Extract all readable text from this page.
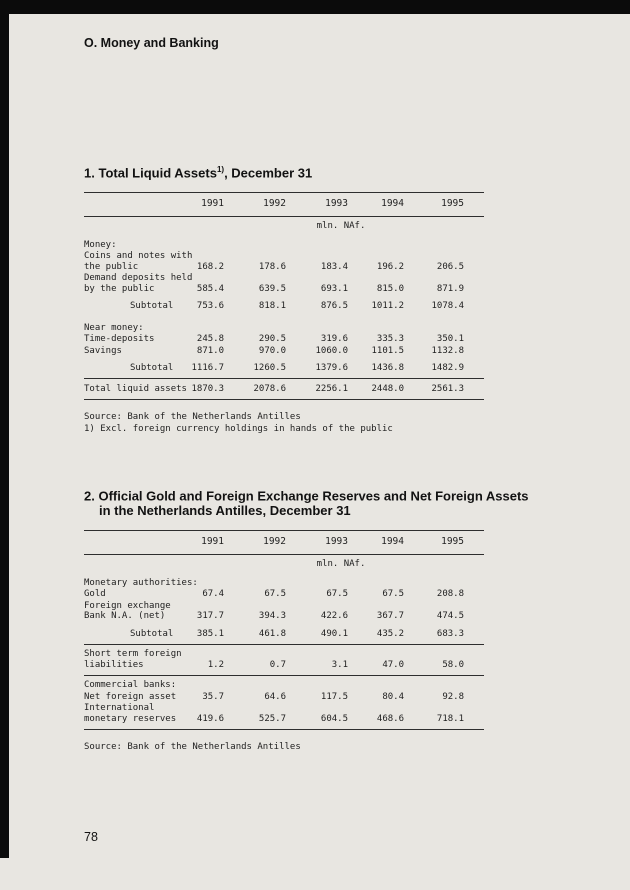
O. Money and Banking
1. Total Liquid Assets$^{1)}$, December 31
1991	1992	1993	1994	1995
mln. NAf.
Money:
Coins and notes with
the public	168.2	178.6	183.4	196.2	206.5
Demand deposits held
by the public	585.4	639.5	693.1	815.0	871.9
Subtotal	753.6	818.1	876.5	1011.2	1078.4
Near money:
Time-deposits	245.8	290.5	319.6	335.3	350.1
Savings	871.0	970.0	1060.0	1101.5	1132.8
Subtotal	1116.7	1260.5	1379.6	1436.8	1482.9
Total liquid assets 1870.3	2078.6	2256.1	2448.0	2561.3

Source: Bank of the Netherlands Antilles

1) Excl. foreign currency holdings in hands of the public

2. Official Gold and Foreign Exchange Reserves and Net Foreign Assets
in the Netherlands Antilles, December 31
1991	1992	1993	1994	1995
mln. NAf.
Monetary authorities:
Gold	67.4	67.5	67.5	67.5	208.8
Foreign exchange
Bank N.A. (net)	317.7	394.3	422.6	367.7	474.5
Subtotal	385.1	461.8	490.1	435.2	683.3
Short term foreign
liabilities	1.2	0.7	3.1	47.0	58.0
Commercial banks:
Net foreign asset	35.7	64.6	117.5	80.4	92.8
International
monetary reserves	419.6	525.7	604.5	468.6	718.1

Source: Bank of the Netherlands Antilles

78
